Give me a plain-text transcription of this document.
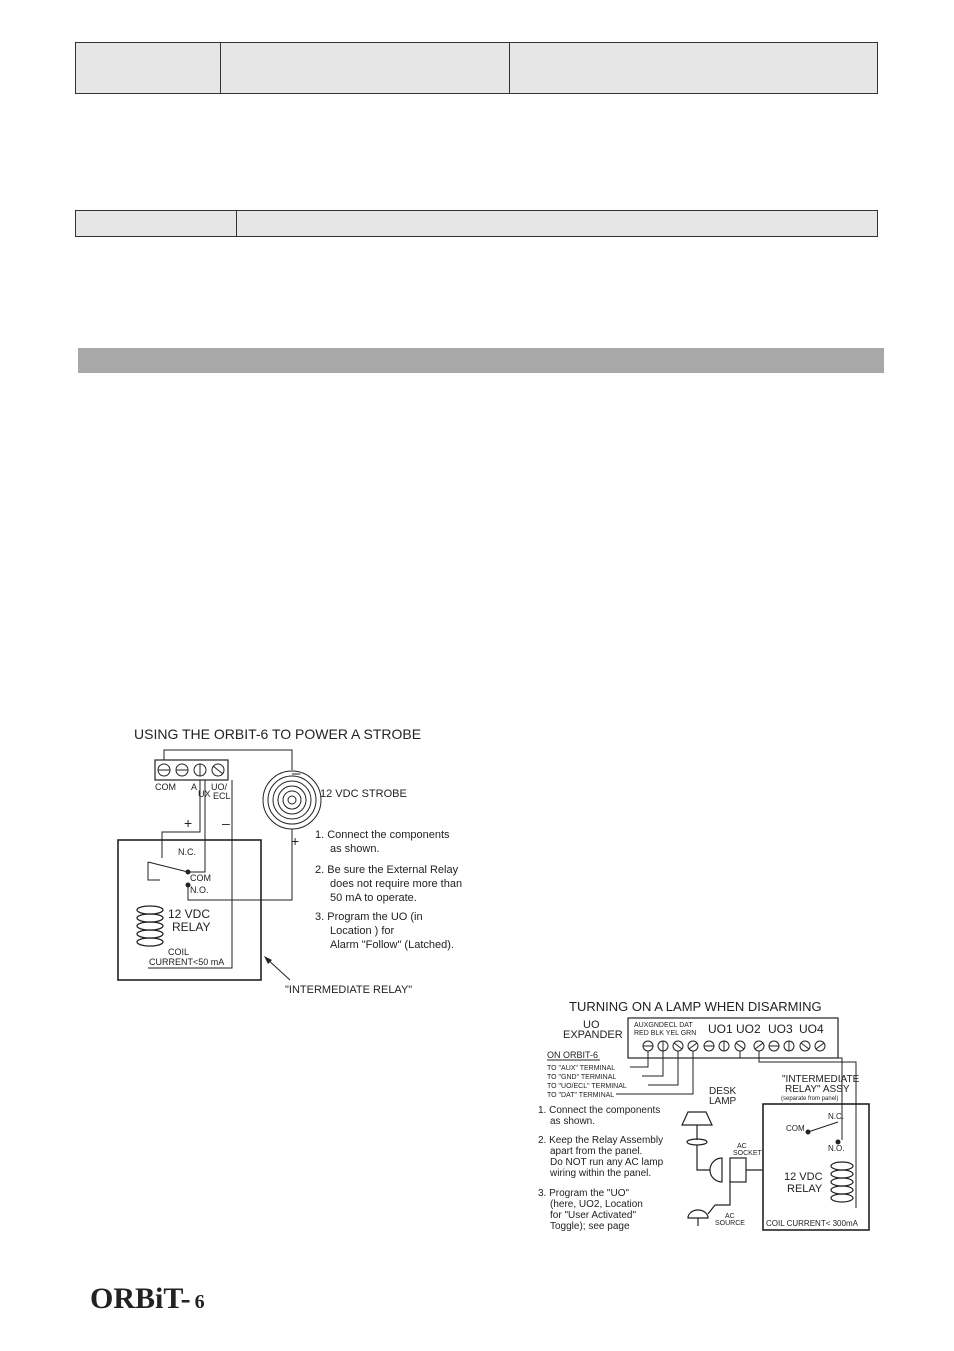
USING THE ORBIT-6 TO POWER A STROBE
COM A
UX
UO/
ECL
–
12 VDC STROBE
+
+ –
N.C.
COM
N.O.
12 VDC
RELAY
COIL
CURRENT<50 mA
"INTERMEDIATE RELAY"
1. Connect the components
as shown.
2. Be sure the External Relay
does not require more than
50 mA to operate.
3. Program the UO (in
Location ) for
Alarm "Follow" (Latched).
TURNING ON A LAMP WHEN DISARMING
UO
EXPANDER
AUXGNDECL DAT
RED BLK YEL GRN UO1 UO2 UO3 UO4
ON ORBIT-6
TO "AUX" TERMINAL
TO "GND" TERMINAL
TO "UO/ECL" TERMINAL
TO "DAT" TERMINAL
"INTERMEDIATE
RELAY" ASSY
(separate from panel)
N.C.
COM
N.O.
12 VDC
RELAY
COIL CURRENT< 300mA
DESK
LAMP
AC
SOCKET
AC
SOURCE
1. Connect the components
as shown.
2. Keep the Relay Assembly
apart from the panel.
Do NOT run any AC lamp
wiring within the panel.
3. Program the "UO"
(here, UO2, Location
for "User Activated"
Toggle); see page
ORBiT- 6
